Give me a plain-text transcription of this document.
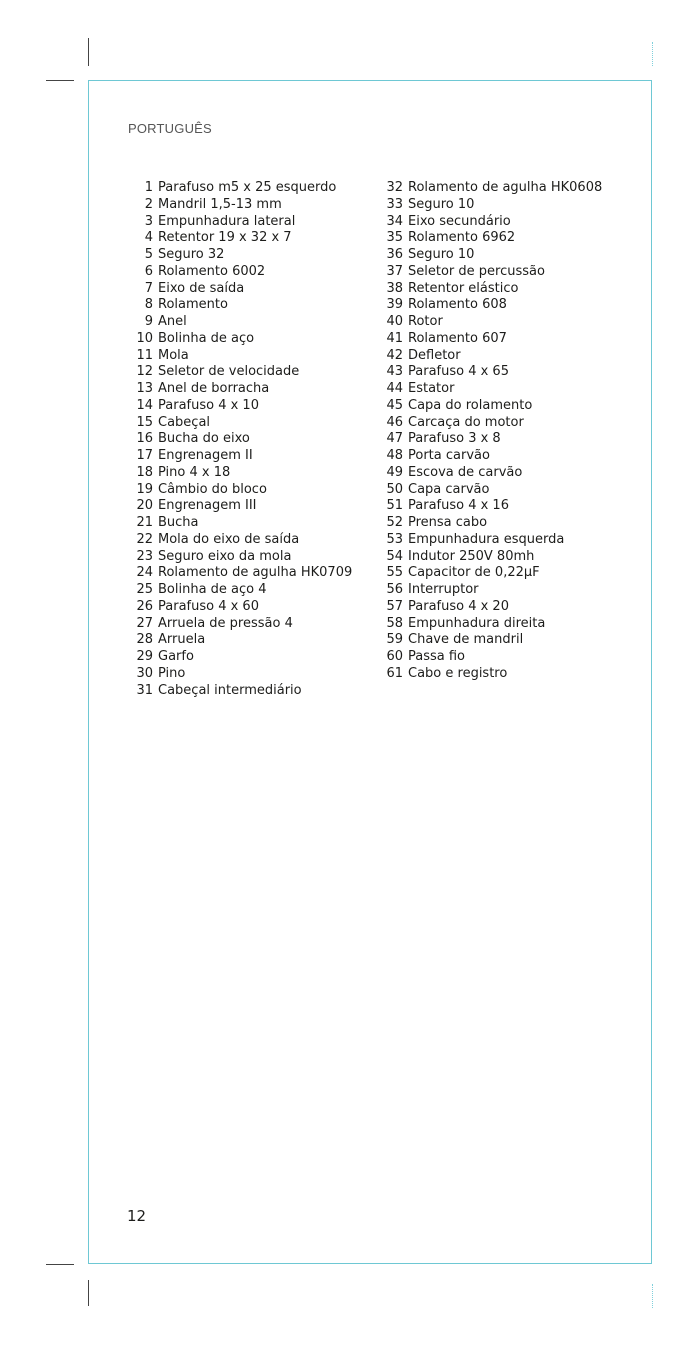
PORTUGUÊS
1 Parafuso m5 x 25 esquerdo
2 Mandril 1,5-13 mm
3 Empunhadura lateral
4 Retentor 19 x 32 x 7
5 Seguro 32
6 Rolamento 6002
7 Eixo de saída
8 Rolamento
9 Anel
10 Bolinha de aço
11 Mola
12 Seletor de velocidade
13 Anel de borracha
14 Parafuso 4 x 10
15 Cabeçal
16 Bucha do eixo
17 Engrenagem II
18 Pino 4 x 18
19 Câmbio do bloco
20 Engrenagem III
21 Bucha
22 Mola do eixo de saída
23 Seguro eixo da mola
24 Rolamento de agulha HK0709
25 Bolinha de aço 4
26 Parafuso 4 x 60
27 Arruela de pressão 4
28 Arruela
29 Garfo
30 Pino
31 Cabeçal intermediário
32 Rolamento de agulha HK0608
33 Seguro 10
34 Eixo secundário
35 Rolamento 6962
36 Seguro 10
37 Seletor de percussão
38 Retentor elástico
39 Rolamento 608
40 Rotor
41 Rolamento 607
42 Defletor
43 Parafuso 4 x 65
44 Estator
45 Capa do rolamento
46 Carcaça do motor
47 Parafuso 3 x 8
48 Porta carvão
49 Escova de carvão
50 Capa carvão
51 Parafuso 4 x 16
52 Prensa cabo
53 Empunhadura esquerda
54 Indutor 250V 80mh
55 Capacitor de 0,22µF
56 Interruptor
57 Parafuso 4 x 20
58 Empunhadura direita
59 Chave de mandril
60 Passa fio
61 Cabo e registro
12
